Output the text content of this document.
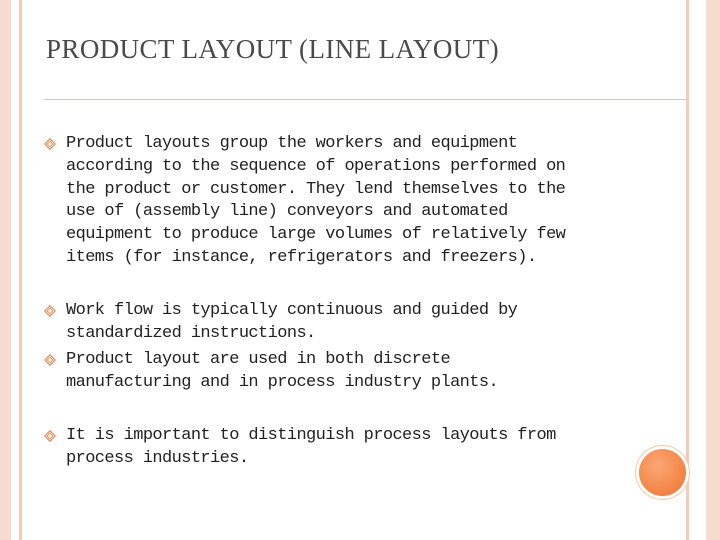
PRODUCT LAYOUT (LINE LAYOUT)
Product layouts group the workers and equipment
according to the sequence of operations performed on
the product or customer. They lend themselves to the
use of (assembly line) conveyors and automated
equipment to produce large volumes of relatively few
items (for instance, refrigerators and freezers).
Work flow is typically continuous and guided by
standardized instructions.
Product layout are used in both discrete
manufacturing and in process industry plants.
It is important to distinguish process layouts from
process industries.
